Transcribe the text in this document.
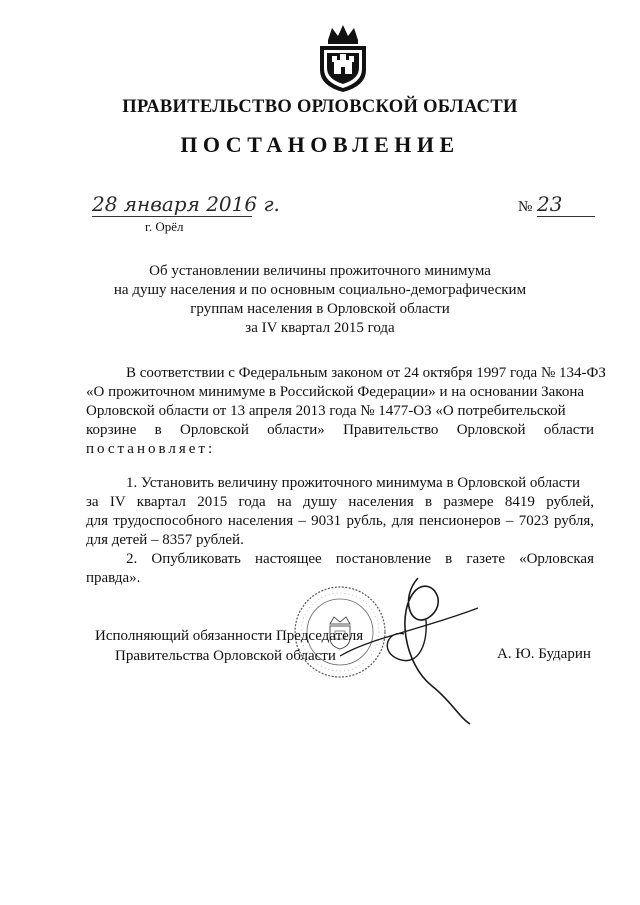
ПРАВИТЕЛЬСТВО ОРЛОВСКОЙ ОБЛАСТИ
ПОСТАНОВЛЕНИЕ
28 января 2016 г.
г. Орёл
№ 23
Об установлении величины прожиточного минимума
на душу населения и по основным социально-демографическим
группам населения в Орловской области
за IV квартал 2015 года
В соответствии с Федеральным законом от 24 октября 1997 года № 134-ФЗ
«О прожиточном минимуме в Российской Федерации» и на основании Закона
Орловской области от 13 апреля 2013 года № 1477-ОЗ «О потребительской
корзине в Орловской области» Правительство Орловской области
постановляет:
1. Установить величину прожиточного минимума в Орловской области
за IV квартал 2015 года на душу населения в размере 8419 рублей,
для трудоспособного населения – 9031 рубль, для пенсионеров – 7023 рубля,
для детей – 8357 рублей.
2. Опубликовать настоящее постановление в газете «Орловская
правда».
Исполняющий обязанности Председателя
Правительства Орловской области	А. Ю. Бударин
